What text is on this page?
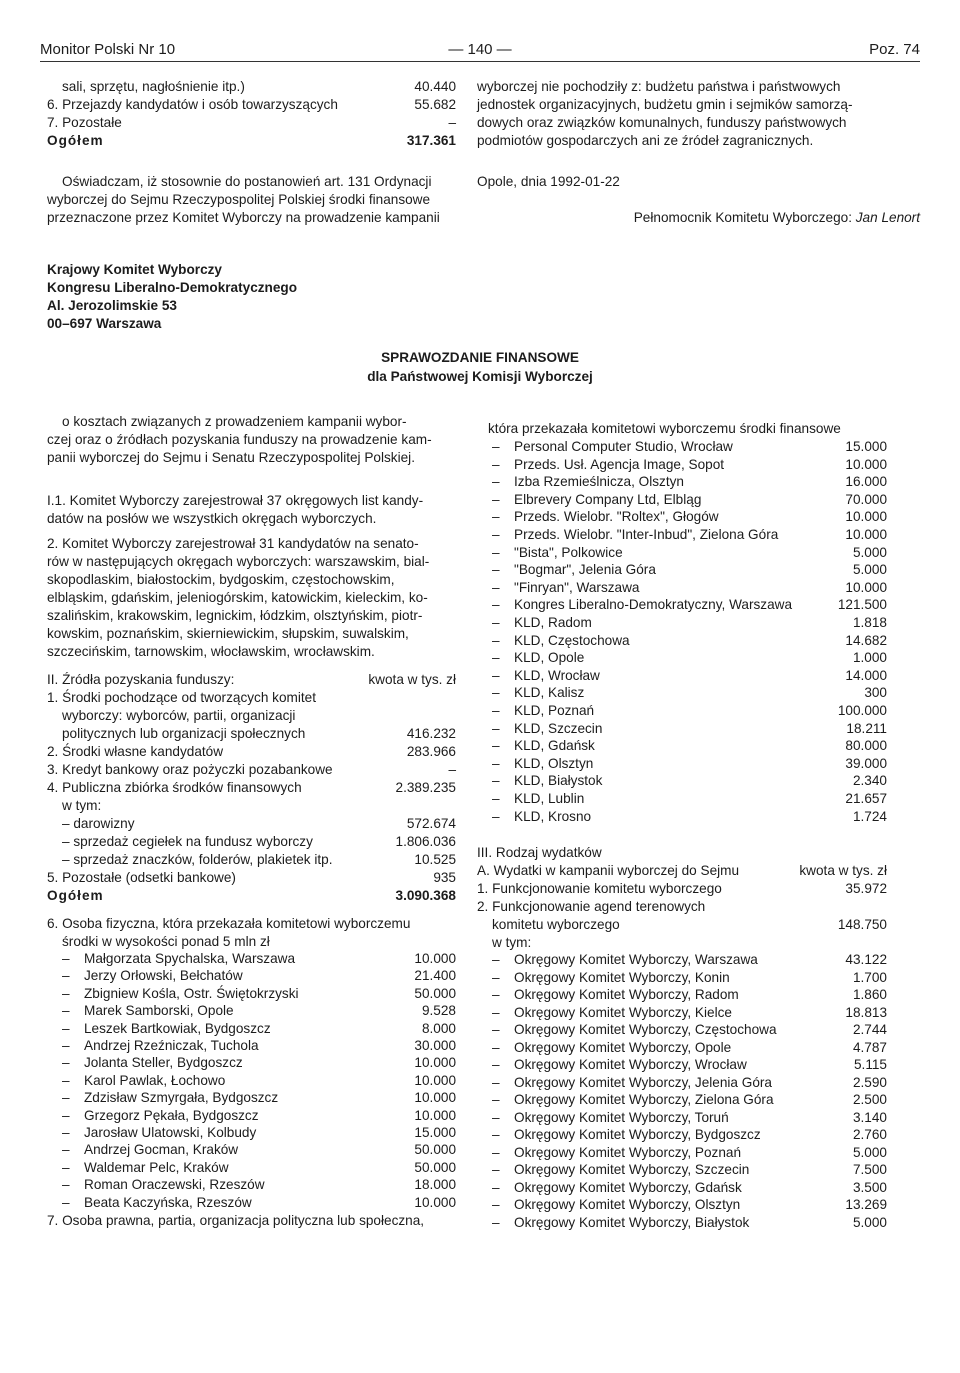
Monitor Polski Nr 10	— 140 —	Poz. 74
sali, sprzętu, nagłośnienie itp.)	40.440
6. Przejazdy kandydatów i osób towarzyszących	55.682
7. Pozostałe	–
Ogółem	317.361
Oświadczam, iż stosownie do postanowień art. 131 Ordynacji
wyborczej do Sejmu Rzeczypospolitej Polskiej środki finansowe
przeznaczone przez Komitet Wyborczy na prowadzenie kampanii
wyborczej nie pochodziły z: budżetu państwa i państwowych
jednostek organizacyjnych, budżetu gmin i sejmików samorzą-
dowych oraz związków komunalnych, funduszy państwowych
podmiotów gospodarczych ani ze źródeł zagranicznych.
Opole, dnia 1992-01-22
Pełnomocnik Komitetu Wyborczego: Jan Lenort
Krajowy Komitet Wyborczy
Kongresu Liberalno-Demokratycznego
Al. Jerozolimskie 53
00–697 Warszawa
SPRAWOZDANIE FINANSOWE
dla Państwowej Komisji Wyborczej
o kosztach związanych z prowadzeniem kampanii wybor-
czej oraz o źródłach pozyskania funduszy na prowadzenie kam-
panii wyborczej do Sejmu i Senatu Rzeczypospolitej Polskiej.
I.1. Komitet Wyborczy zarejestrował 37 okręgowych list kandy-
datów na posłów we wszystkich okręgach wyborczych.
2. Komitet Wyborczy zarejestrował 31 kandydatów na senato-
rów w następujących okręgach wyborczych: warszawskim, bial-
skopodlaskim, białostockim, bydgoskim, częstochowskim,
elbląskim, gdańskim, jeleniogórskim, katowickim, kieleckim, ko-
szalińskim, krakowskim, legnickim, łódzkim, olsztyńskim, piotr-
kowskim, poznańskim, skierniewickim, słupskim, suwalskim,
szczecińskim, tarnowskim, włocławskim, wrocławskim.
II. Źródła pozyskania funduszy:	kwota w tys. zł
1. Środki pochodzące od tworzących komitet
wyborczy: wyborców, partii, organizacji
politycznych lub organizacji społecznych	416.232
2. Środki własne kandydatów	283.966
3. Kredyt bankowy oraz pożyczki pozabankowe	–
4. Publiczna zbiórka środków finansowych	2.389.235
w tym:
– darowizny	572.674
– sprzedaż cegiełek na fundusz wyborczy	1.806.036
– sprzedaż znaczków, folderów, plakietek itp.	10.525
5. Pozostałe (odsetki bankowe)	935
Ogółem	3.090.368
6. Osoba fizyczna, która przekazała komitetowi wyborczemu
środki w wysokości ponad 5 mln zł
– Małgorzata Spychalska, Warszawa	10.000
– Jerzy Orłowski, Bełchatów	21.400
– Zbigniew Kośla, Ostr. Świętokrzyski	50.000
– Marek Samborski, Opole	9.528
– Leszek Bartkowiak, Bydgoszcz	8.000
– Andrzej Rzeźniczak, Tuchola	30.000
– Jolanta Steller, Bydgoszcz	10.000
– Karol Pawlak, Łochowo	10.000
– Zdzisław Szmyrgała, Bydgoszcz	10.000
– Grzegorz Pękała, Bydgoszcz	10.000
– Jarosław Ulatowski, Kolbudy	15.000
– Andrzej Gocman, Kraków	50.000
– Waldemar Pelc, Kraków	50.000
– Roman Oraczewski, Rzeszów	18.000
– Beata Kaczyńska, Rzeszów	10.000
7. Osoba prawna, partia, organizacja polityczna lub społeczna,
która przekazała komitetowi wyborczemu środki finansowe
– Personal Computer Studio, Wrocław	15.000
– Przeds. Usł. Agencja Image, Sopot	10.000
– Izba Rzemieślnicza, Olsztyn	16.000
– Elbrevery Company Ltd, Elbląg	70.000
– Przeds. Wielobr. "Roltex", Głogów	10.000
– Przeds. Wielobr. "Inter-Inbud", Zielona Góra	10.000
– "Bista", Polkowice	5.000
– "Bogmar", Jelenia Góra	5.000
– "Finryan", Warszawa	10.000
– Kongres Liberalno-Demokratyczny, Warszawa	121.500
– KLD, Radom	1.818
– KLD, Częstochowa	14.682
– KLD, Opole	1.000
– KLD, Wrocław	14.000
– KLD, Kalisz	300
– KLD, Poznań	100.000
– KLD, Szczecin	18.211
– KLD, Gdańsk	80.000
– KLD, Olsztyn	39.000
– KLD, Białystok	2.340
– KLD, Lublin	21.657
– KLD, Krosno	1.724
III. Rodzaj wydatków
A. Wydatki w kampanii wyborczej do Sejmu	kwota w tys. zł
1. Funkcjonowanie komitetu wyborczego	35.972
2. Funkcjonowanie agend terenowych
komitetu wyborczego	148.750
w tym:
– Okręgowy Komitet Wyborczy, Warszawa	43.122
– Okręgowy Komitet Wyborczy, Konin	1.700
– Okręgowy Komitet Wyborczy, Radom	1.860
– Okręgowy Komitet Wyborczy, Kielce	18.813
– Okręgowy Komitet Wyborczy, Częstochowa	2.744
– Okręgowy Komitet Wyborczy, Opole	4.787
– Okręgowy Komitet Wyborczy, Wrocław	5.115
– Okręgowy Komitet Wyborczy, Jelenia Góra	2.590
– Okręgowy Komitet Wyborczy, Zielona Góra	2.500
– Okręgowy Komitet Wyborczy, Toruń	3.140
– Okręgowy Komitet Wyborczy, Bydgoszcz	2.760
– Okręgowy Komitet Wyborczy, Poznań	5.000
– Okręgowy Komitet Wyborczy, Szczecin	7.500
– Okręgowy Komitet Wyborczy, Gdańsk	3.500
– Okręgowy Komitet Wyborczy, Olsztyn	13.269
– Okręgowy Komitet Wyborczy, Białystok	5.000
